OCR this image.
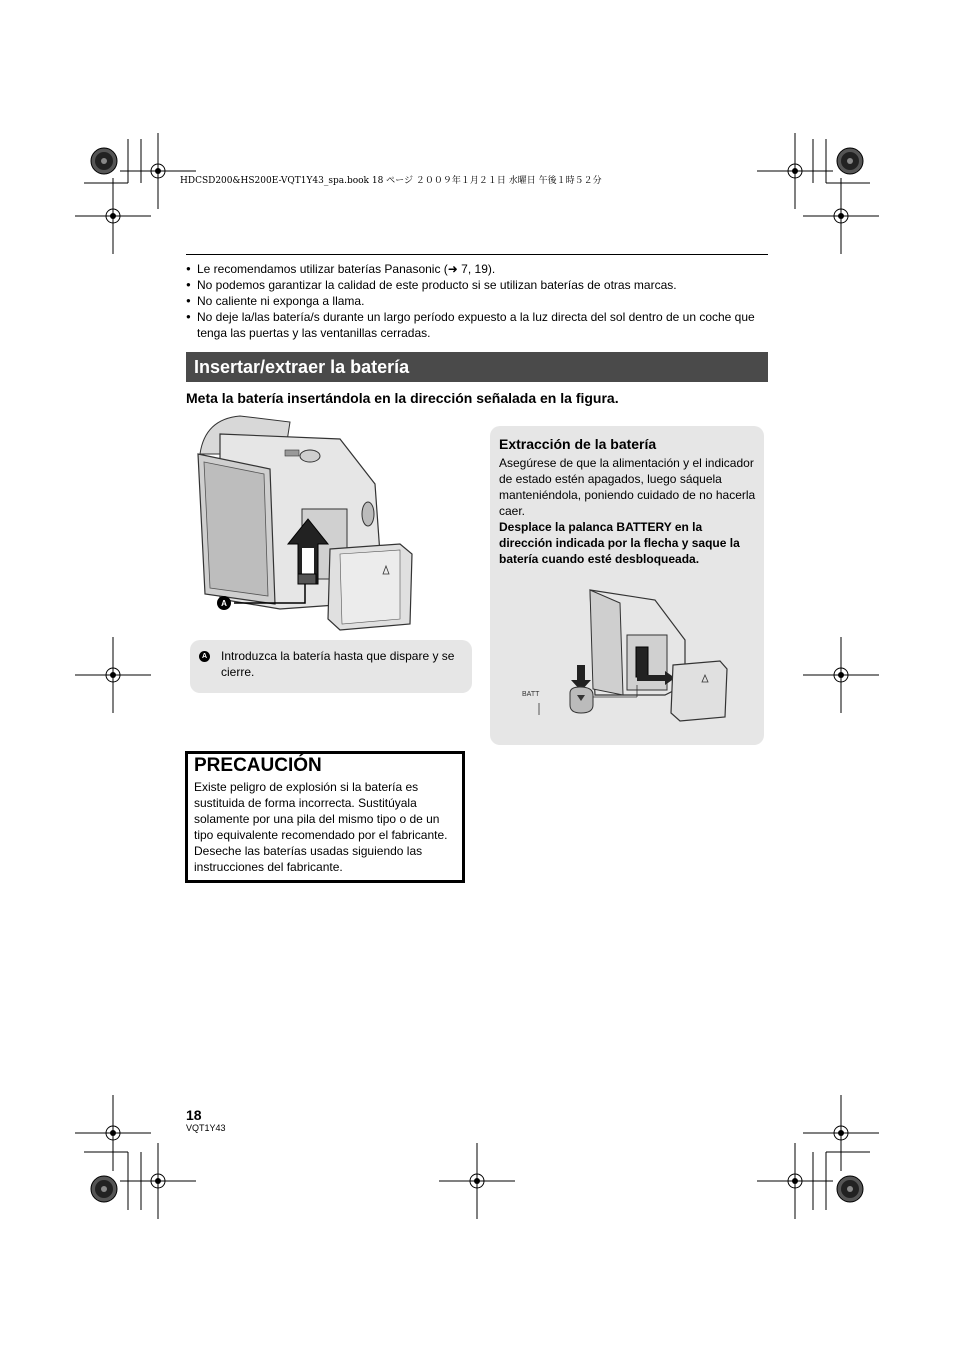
HDCSD200&HS200E-VQT1Y43_spa.book 18 ページ ２００９年１月２１日 水曜日 午後１時５２分
● Le recomendamos utilizar baterías Panasonic (➜ 7, 19).
● No podemos garantizar la calidad de este producto si se utilizan baterías de otras marcas.
● No caliente ni exponga a llama.
● No deje la/las batería/s durante un largo período expuesto a la luz directa del sol dentro de un coche que tenga las puertas y las ventanillas cerradas.
Insertar/extraer la batería
Meta la batería insertándola en la dirección señalada en la figura.
A
A Introduzca la batería hasta que dispare y se cierre.
Extracción de la batería
Asegúrese de que la alimentación y el indicador de estado estén apagados, luego sáquela manteniéndola, poniendo cuidado de no hacerla caer.
Desplace la palanca BATTERY en la dirección indicada por la flecha y saque la batería cuando esté desbloqueada.
BATT
PRECAUCIÓN
Existe peligro de explosión si la batería es sustituida de forma incorrecta. Sustitúyala solamente por una pila del mismo tipo o de un tipo equivalente recomendado por el fabricante. Deseche las baterías usadas siguiendo las instrucciones del fabricante.
18
VQT1Y43
